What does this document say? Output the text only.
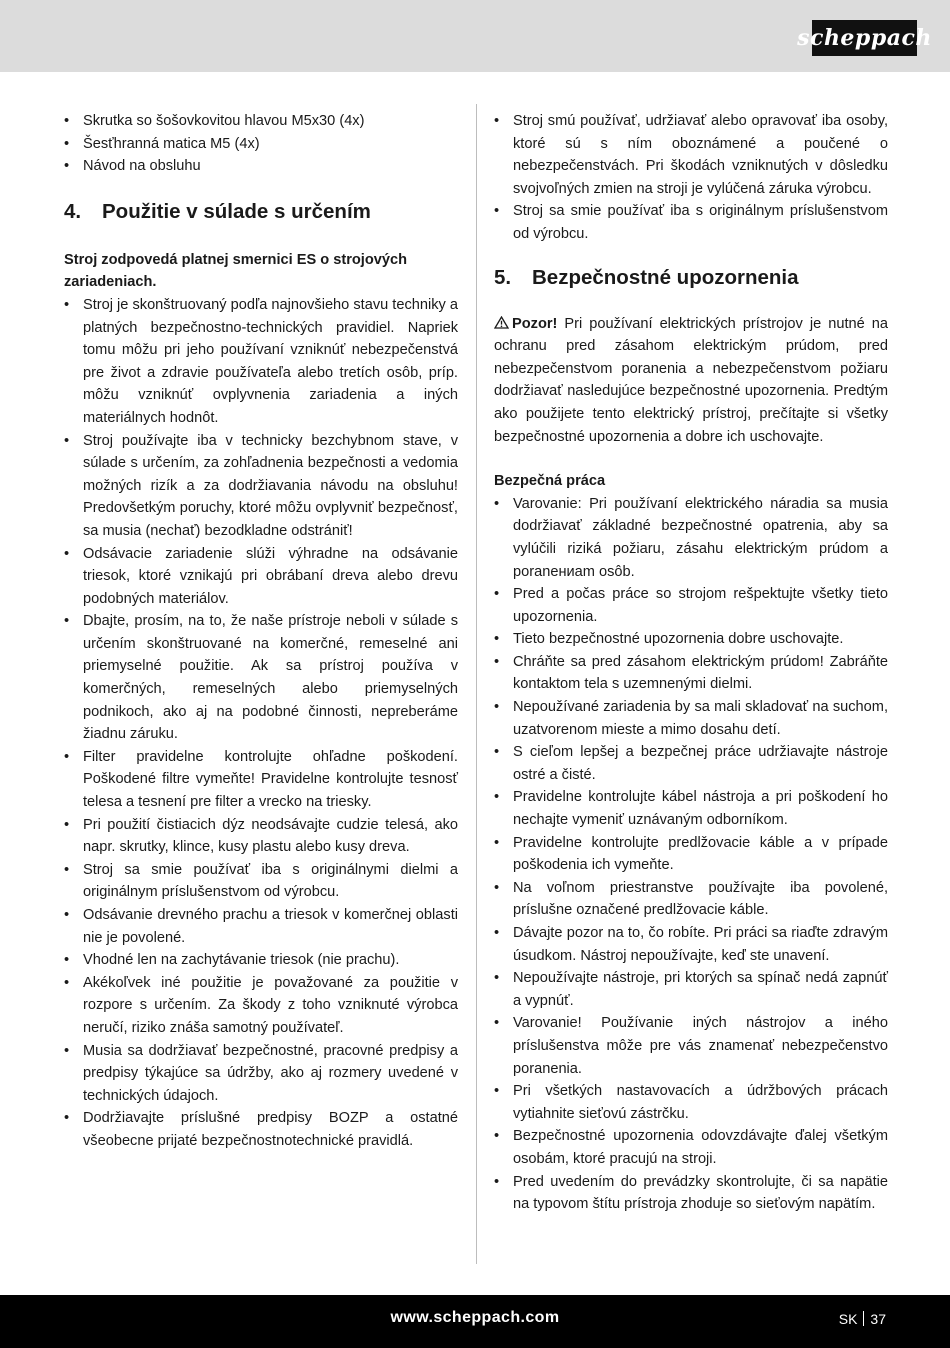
scheppach
• Skrutka so šošovkovitou hlavou M5x30 (4x)
• Šesťhranná matica M5 (4x)
• Návod na obsluhu
4.	Použitie v súlade s určením
Stroj zodpovedá platnej smernici ES o strojových zariadeniach.
• Stroj je skonštruovaný podľa najnovšieho stavu techniky a platných bezpečnostno-technických pravidiel. Napriek tomu môžu pri jeho používaní vzniknúť nebezpečenstvá pre život a zdravie používateľa alebo tretích osôb, príp. môžu vzniknúť ovplyvnenia zariadenia a iných materiálnych hodnôt.
• Stroj používajte iba v technicky bezchybnom stave, v súlade s určením, za zohľadnenia bezpečnosti a vedomia možných rizík a za dodržiavania návodu na obsluhu! Predovšetkým poruchy, ktoré môžu ovplyvniť bezpečnosť, sa musia (nechať) bezodkladne odstrániť!
• Odsávacie zariadenie slúži výhradne na odsávanie triesok, ktoré vznikajú pri obrábaní dreva alebo drevu podobných materiálov.
• Dbajte, prosím, na to, že naše prístroje neboli v súlade s určením skonštruované na komerčné, remeselné ani priemyselné použitie. Ak sa prístroj používa v komerčných, remeselných alebo priemyselných podnikoch, ako aj na podobné činnosti, nepreberáme žiadnu záruku.
• Filter pravidelne kontrolujte ohľadne poškodení. Poškodené filtre vymeňte! Pravidelne kontrolujte tesnosť telesa a tesnení pre filter a vrecko na triesky.
• Pri použití čistiacich dýz neodsávajte cudzie telesá, ako napr. skrutky, klince, kusy plastu alebo kusy dreva.
• Stroj sa smie používať iba s originálnymi dielmi a originálnym príslušenstvom od výrobcu.
• Odsávanie drevného prachu a triesok v komerčnej oblasti nie je povolené.
• Vhodné len na zachytávanie triesok (nie prachu).
• Akékoľvek iné použitie je považované za použitie v rozpore s určením. Za škody z toho vzniknuté výrobca neručí, riziko znáša samotný používateľ.
• Musia sa dodržiavať bezpečnostné, pracovné predpisy a predpisy týkajúce sa údržby, ako aj rozmery uvedené v technických údajoch.
• Dodržiavajte príslušné predpisy BOZP a ostatné všeobecne prijaté bezpečnostnotechnické pravidlá.
• Stroj smú používať, udržiavať alebo opravovať iba osoby, ktoré sú s ním oboznámené a poučené o nebezpečenstvách. Pri škodách vzniknutých v dôsledku svojvoľných zmien na stroji je vylúčená záruka výrobcu.
• Stroj sa smie používať iba s originálnym príslušenstvom od výrobcu.
5.	Bezpečnostné upozornenia
Pozor! Pri používaní elektrických prístrojov je nutné na ochranu pred zásahom elektrickým prúdom, pred nebezpečenstvom poranenia a nebezpečenstvom požiaru dodržiavať nasledujúce bezpečnostné upozornenia. Predtým ako použijete tento elektrický prístroj, prečítajte si všetky bezpečnostné upozornenia a dobre ich uschovajte.
Bezpečná práca
• Varovanie: Pri používaní elektrického náradia sa musia dodržiavať základné bezpečnostné opatrenia, aby sa vylúčili riziká požiaru, zásahu elektrickým prúdom a poranениam osôb.
• Pred a počas práce so strojom rešpektujte všetky tieto upozornenia.
• Tieto bezpečnostné upozornenia dobre uschovajte.
• Chráňte sa pred zásahom elektrickým prúdom! Zabráňte kontaktom tela s uzemnenými dielmi.
• Nepoužívané zariadenia by sa mali skladovať na suchom, uzatvorenom mieste a mimo dosahu detí.
• S cieľom lepšej a bezpečnej práce udržiavajte nástroje ostré a čisté.
• Pravidelne kontrolujte kábel nástroja a pri poškodení ho nechajte vymeniť uznávaným odborníkom.
• Pravidelne kontrolujte predlžovacie káble a v prípade poškodenia ich vymeňte.
• Na voľnom priestranstve používajte iba povolené, príslušne označené predlžovacie káble.
• Dávajte pozor na to, čo robíte. Pri práci sa riaďte zdravým úsudkom. Nástroj nepoužívajte, keď ste unavení.
• Nepoužívajte nástroje, pri ktorých sa spínač nedá zapnúť a vypnúť.
• Varovanie! Používanie iných nástrojov a iného príslušenstva môže pre vás znamenať nebezpečenstvo poranenia.
• Pri všetkých nastavovacích a údržbových prácach vytiahnite sieťovú zástrčku.
• Bezpečnostné upozornenia odovzdávajte ďalej všetkým osobám, ktoré pracujú na stroji.
• Pred uvedením do prevádzky skontrolujte, či sa napätie na typovom štítu prístroja zhoduje so sieťovým napätím.
www.scheppach.com	SK 37
